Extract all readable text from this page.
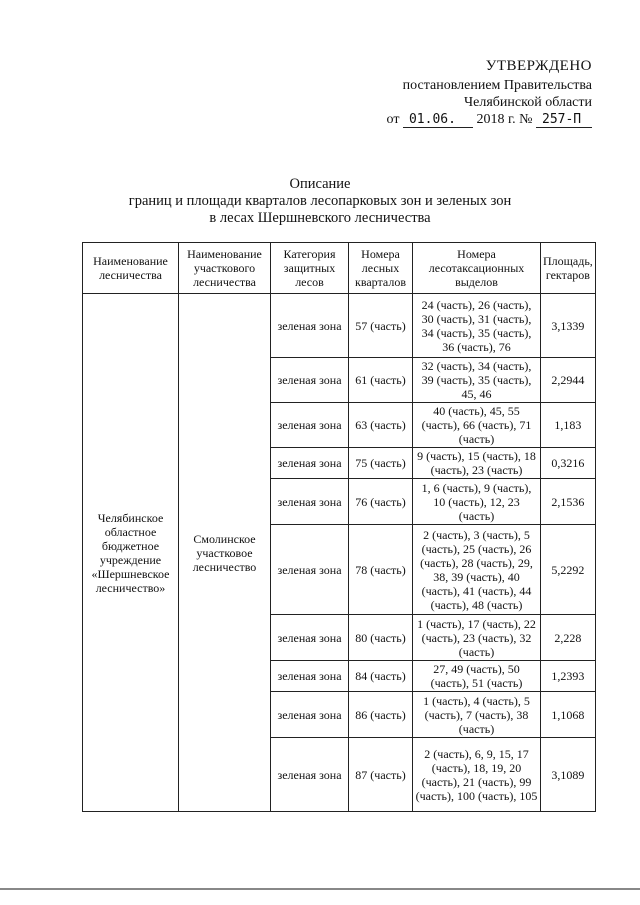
УТВЕРЖДЕНО
постановлением Правительства
Челябинской области
от 01.06. 2018 г. № 257-П
Описание
границ и площади кварталов лесопарковых зон и зеленых зон
в лесах Шершневского лесничества
Наименование лесничества	Наименование участкового лесничества	Категория защитных лесов	Номера лесных кварталов	Номера лесотаксационных выделов	Площадь, гектаров
Челябинское областное бюджетное учреждение «Шершневское лесничество»	Смолинское участковое лесничество	зеленая зона	57 (часть)	24 (часть), 26 (часть), 30 (часть), 31 (часть), 34 (часть), 35 (часть), 36 (часть), 76	3,1339
		зеленая зона	61 (часть)	32 (часть), 34 (часть), 39 (часть), 35 (часть), 45, 46	2,2944
		зеленая зона	63 (часть)	40 (часть), 45, 55 (часть), 66 (часть), 71 (часть)	1,183
		зеленая зона	75 (часть)	9 (часть), 15 (часть), 18 (часть), 23 (часть)	0,3216
		зеленая зона	76 (часть)	1, 6 (часть), 9 (часть), 10 (часть), 12, 23 (часть)	2,1536
		зеленая зона	78 (часть)	2 (часть), 3 (часть), 5 (часть), 25 (часть), 26 (часть), 28 (часть), 29, 38, 39 (часть), 40 (часть), 41 (часть), 44 (часть), 48 (часть)	5,2292
		зеленая зона	80 (часть)	1 (часть), 17 (часть), 22 (часть), 23 (часть), 32 (часть)	2,228
		зеленая зона	84 (часть)	27, 49 (часть), 50 (часть), 51 (часть)	1,2393
		зеленая зона	86 (часть)	1 (часть), 4 (часть), 5 (часть), 7 (часть), 38 (часть)	1,1068
		зеленая зона	87 (часть)	2 (часть), 6, 9, 15, 17 (часть), 18, 19, 20 (часть), 21 (часть), 99 (часть), 100 (часть), 105	3,1089
